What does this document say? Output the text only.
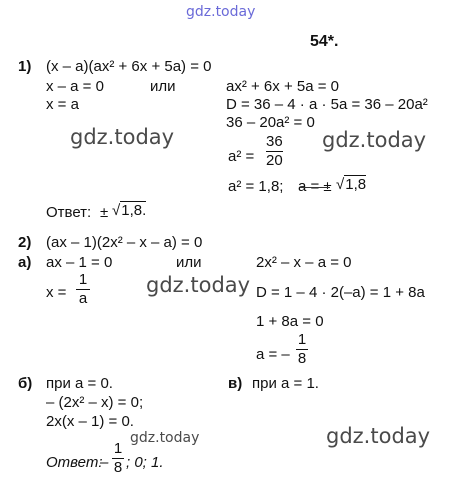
gdz.today
54*.
1) (x – a)(ax² + 6x + 5a) = 0
x – a = 0	или	ax² + 6x + 5a = 0
x = a	D = 36 – 4 · a · 5a = 36 – 20a²
36 – 20a² = 0
gdz.today	gdz.today
a² =
36
20
a² = 1,8; a = ± √1,8
Ответ: ± √1,8.
2) (ax – 1)(2x² – x – a) = 0
а) ax – 1 = 0	или	2x² – x – a = 0
x =
1
a
gdz.today D = 1 – 4 · 2(–a) = 1 + 8a
1 + 8a = 0
a = –
1
8
б) при a = 0.	в) при a = 1.
– (2x² – x) = 0;
2x(x – 1) = 0.
gdz.today	gdz.today
Ответ:
–
1
8 ; 0; 1.
